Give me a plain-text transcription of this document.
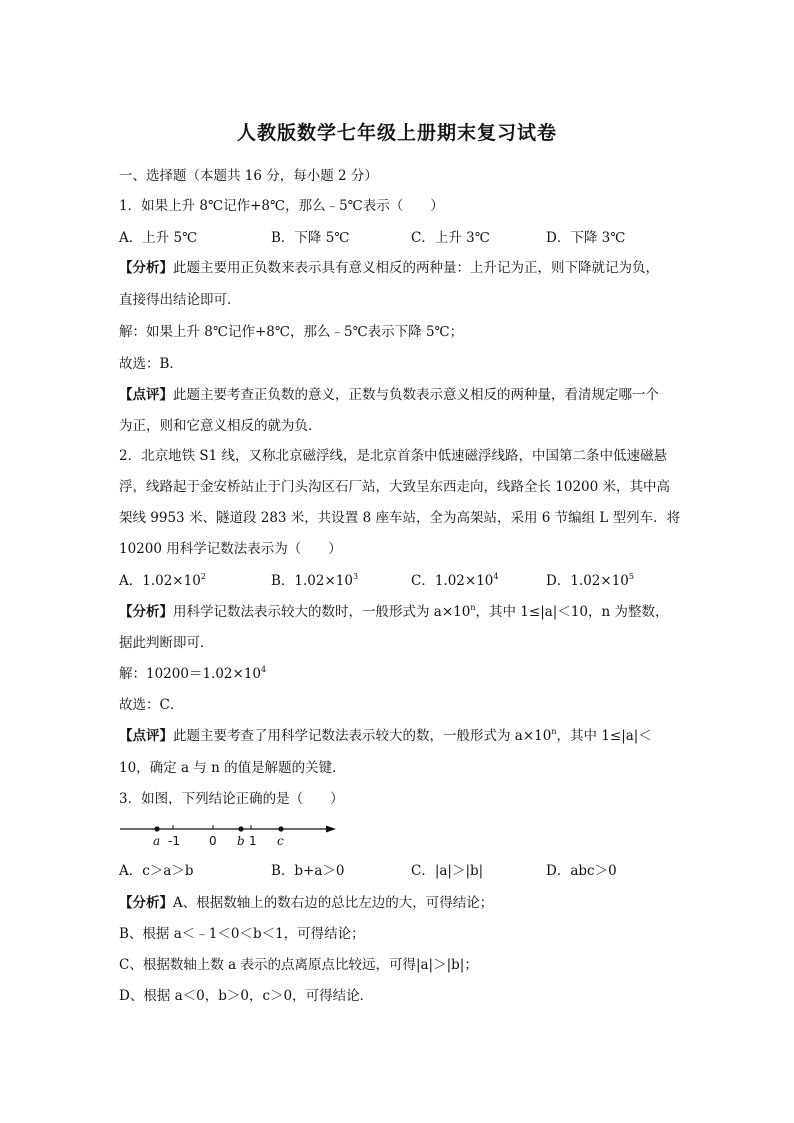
人教版数学七年级上册期末复习试卷
一、选择题（本题共 16 分，每小题 2 分）
1．如果上升 8℃记作+8℃，那么﹣5℃表示（　　）
A．上升 5℃	B．下降 5℃	C．上升 3℃	D．下降 3℃
【分析】此题主要用正负数来表示具有意义相反的两种量：上升记为正，则下降就记为负，
直接得出结论即可．
解：如果上升 8℃记作+8℃，那么﹣5℃表示下降 5℃；
故选：B．
【点评】此题主要考查正负数的意义，正数与负数表示意义相反的两种量，看清规定哪一个
为正，则和它意义相反的就为负．
2．北京地铁 S1 线，又称北京磁浮线，是北京首条中低速磁浮线路，中国第二条中低速磁悬
浮，线路起于金安桥站止于门头沟区石厂站，大致呈东西走向，线路全长 10200 米，其中高
架线 9953 米、隧道段 283 米，共设置 8 座车站，全为高架站，采用 6 节编组 L 型列车．将
10200 用科学记数法表示为（　　）
A．$1.02\times 10^2$	B．$1.02\times 10^3$	C．$1.02\times 10^4$	D．$1.02\times 10^5$
【分析】用科学记数法表示较大的数时，一般形式为 $a\times 10^n$，其中 1≤|a|＜10，n 为整数，
据此判断即可．
解：$10200=1.02\times 10^4$
故选：C．
【点评】此题主要考查了用科学记数法表示较大的数，一般形式为 $a\times 10^n$，其中 1≤|a|＜
10，确定 a 与 n 的值是解题的关键．
3．如图，下列结论正确的是（　　）
a -1 0 b 1 c
A．c＞a＞b	B．b+a＞0	C．|a|＞|b|	D．abc＞0
【分析】A、根据数轴上的数右边的总比左边的大，可得结论；
B、根据 a＜﹣1＜0＜b＜1，可得结论；
C、根据数轴上数 a 表示的点离原点比较远，可得|a|＞|b|；
D、根据 a＜0，b＞0，c＞0，可得结论．
